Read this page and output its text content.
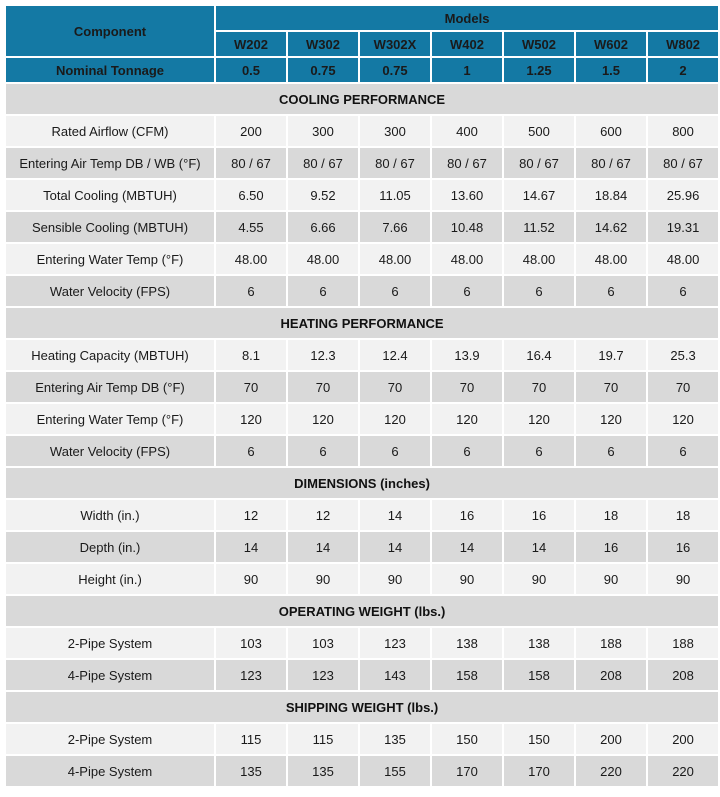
Component	Models						
	W202	W302	W302X	W402	W502	W602	W802
Nominal Tonnage	0.5	0.75	0.75	1	1.25	1.5	2
COOLING PERFORMANCE							
Rated Airflow (CFM)	200	300	300	400	500	600	800
Entering Air Temp DB / WB (°F)	80 / 67	80 / 67	80 / 67	80 / 67	80 / 67	80 / 67	80 / 67
Total Cooling (MBTUH)	6.50	9.52	11.05	13.60	14.67	18.84	25.96
Sensible Cooling (MBTUH)	4.55	6.66	7.66	10.48	11.52	14.62	19.31
Entering Water Temp (°F)	48.00	48.00	48.00	48.00	48.00	48.00	48.00
Water Velocity (FPS)	6	6	6	6	6	6	6
HEATING PERFORMANCE							
Heating Capacity (MBTUH)	8.1	12.3	12.4	13.9	16.4	19.7	25.3
Entering Air Temp DB (°F)	70	70	70	70	70	70	70
Entering Water Temp (°F)	120	120	120	120	120	120	120
Water Velocity (FPS)	6	6	6	6	6	6	6
DIMENSIONS (inches)							
Width (in.)	12	12	14	16	16	18	18
Depth (in.)	14	14	14	14	14	16	16
Height (in.)	90	90	90	90	90	90	90
OPERATING WEIGHT (lbs.)							
2-Pipe System	103	103	123	138	138	188	188
4-Pipe System	123	123	143	158	158	208	208
SHIPPING WEIGHT (lbs.)							
2-Pipe System	115	115	135	150	150	200	200
4-Pipe System	135	135	155	170	170	220	220
